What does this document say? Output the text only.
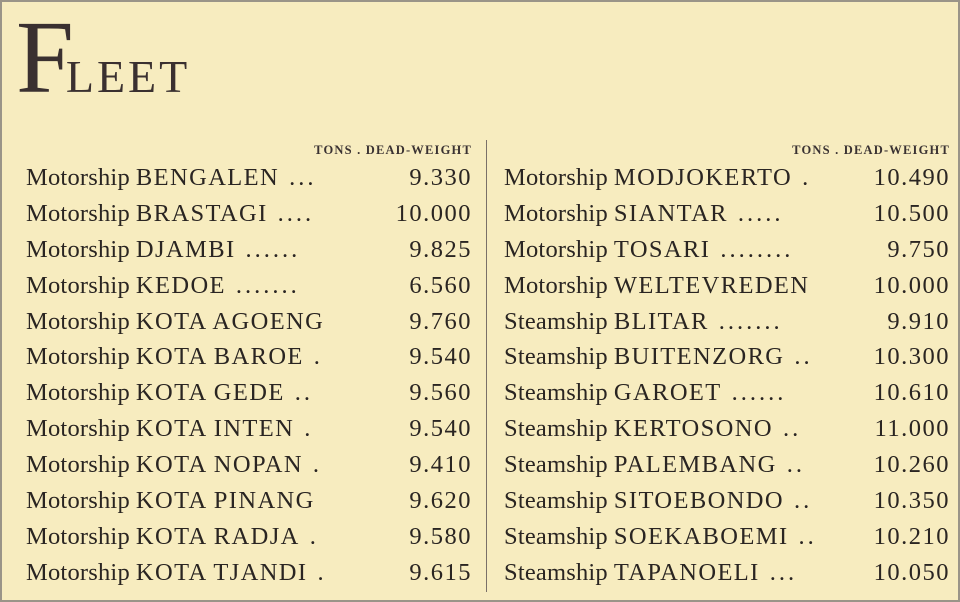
FLEET
TONS . DEAD-WEIGHT
Motorship BENGALEN ...	9.330
Motorship BRASTAGI ....	10.000
Motorship DJAMBI ......	9.825
Motorship KEDOE .......	6.560
Motorship KOTA AGOENG	9.760
Motorship KOTA BAROE .	9.540
Motorship KOTA GEDE ..	9.560
Motorship KOTA INTEN .	9.540
Motorship KOTA NOPAN .	9.410
Motorship KOTA PINANG	9.620
Motorship KOTA RADJA .	9.580
Motorship KOTA TJANDI .	9.615
TONS . DEAD-WEIGHT
Motorship MODJOKERTO .	10.490
Motorship SIANTAR .....	10.500
Motorship TOSARI ........	9.750
Motorship WELTEVREDEN	10.000
Steamship BLITAR .......	9.910
Steamship BUITENZORG .. 10.300
Steamship GAROET ......	10.610
Steamship KERTOSONO ..	11.000
Steamship PALEMBANG ..	10.260
Steamship SITOEBONDO ..	10.350
Steamship SOEKABOEMI .. 10.210
Steamship TAPANOELI ...	10.050
